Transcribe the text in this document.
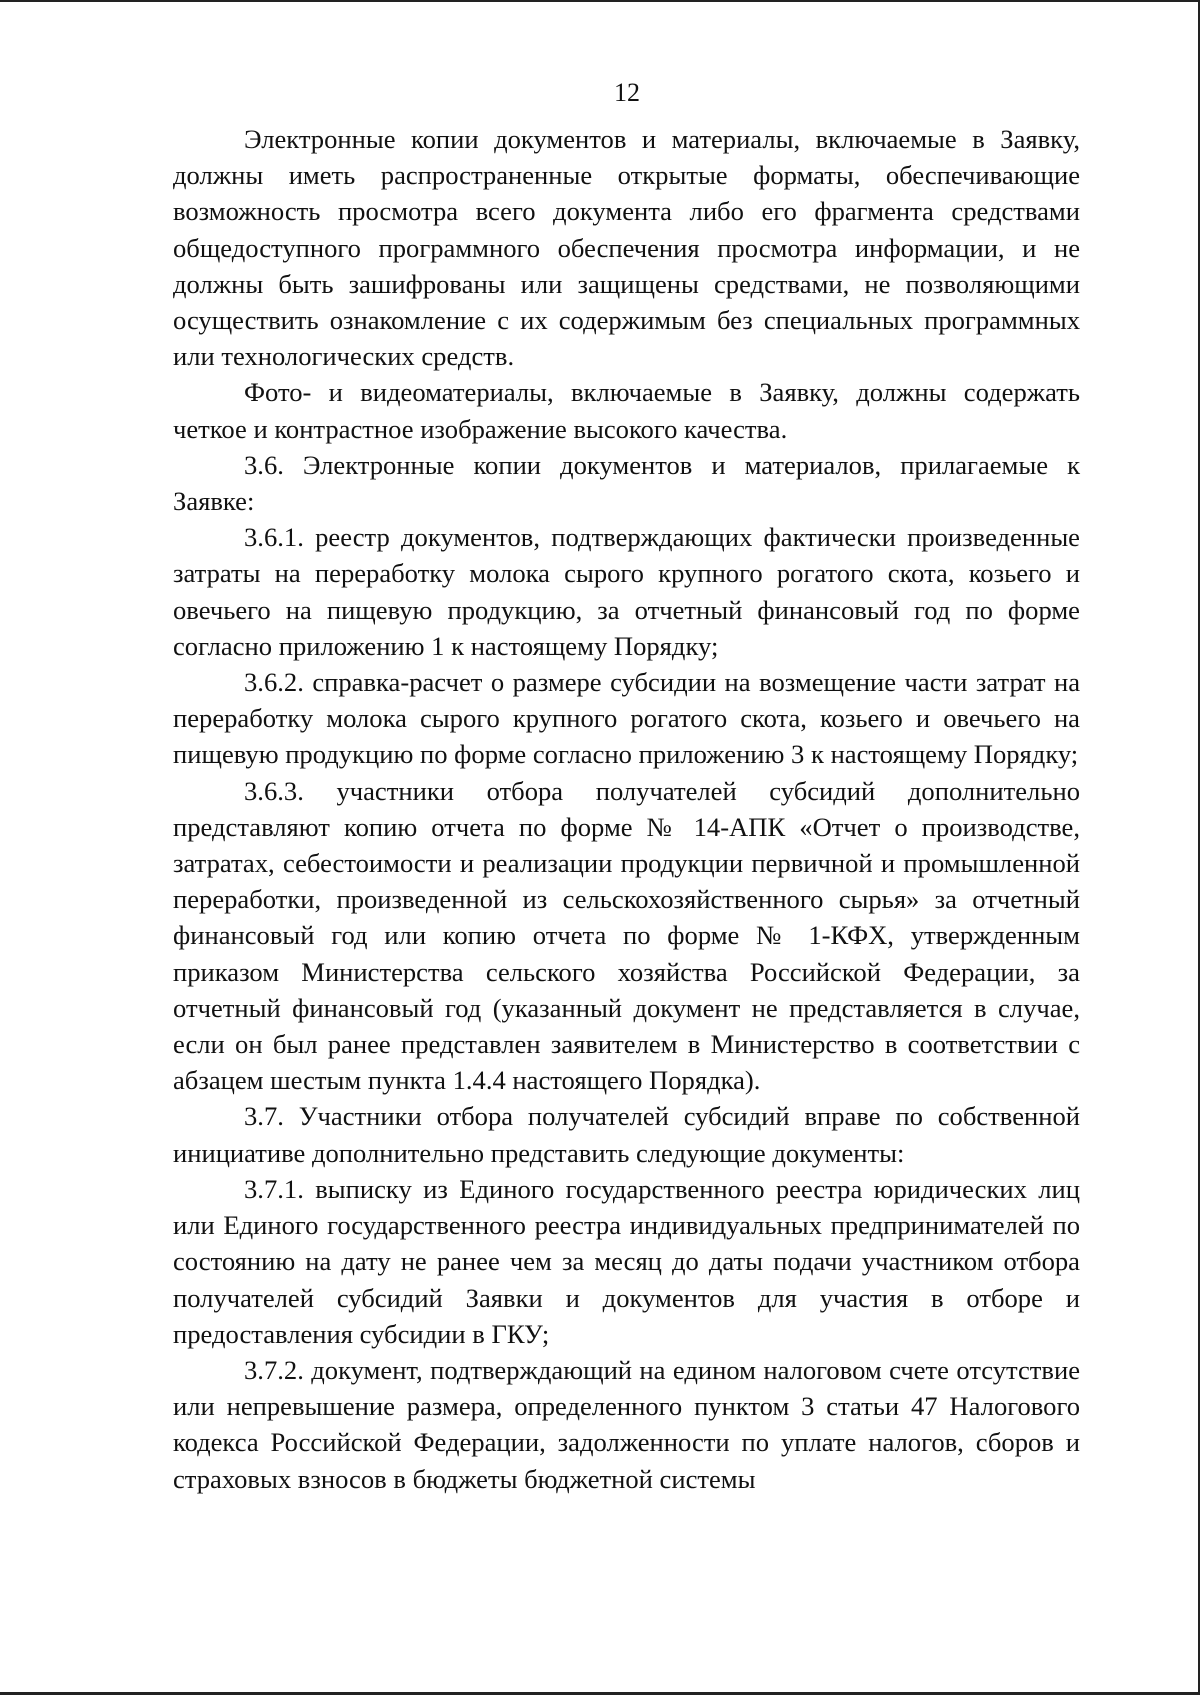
12

Электронные копии документов и материалы, включаемые в Заявку, должны иметь распространенные открытые форматы, обеспечивающие возможность просмотра всего документа либо его фрагмента средствами общедоступного программного обеспечения просмотра информации, и не должны быть зашифрованы или защищены средствами, не позволяющими осуществить ознакомление с их содержимым без специальных программных или технологических средств.

Фото- и видеоматериалы, включаемые в Заявку, должны содержать четкое и контрастное изображение высокого качества.

3.6. Электронные копии документов и материалов, прилагаемые к Заявке:

3.6.1. реестр документов, подтверждающих фактически произведенные затраты на переработку молока сырого крупного рогатого скота, козьего и овечьего на пищевую продукцию, за отчетный финансовый год по форме согласно приложению 1 к настоящему Порядку;

3.6.2. справка-расчет о размере субсидии на возмещение части затрат на переработку молока сырого крупного рогатого скота, козьего и овечьего на пищевую продукцию по форме согласно приложению 3 к настоящему Порядку;

3.6.3. участники отбора получателей субсидий дополнительно представляют копию отчета по форме № 14-АПК «Отчет о производстве, затратах, себестоимости и реализации продукции первичной и промышленной переработки, произведенной из сельскохозяйственного сырья» за отчетный финансовый год или копию отчета по форме № 1-КФХ, утвержденным приказом Министерства сельского хозяйства Российской Федерации, за отчетный финансовый год (указанный документ не представляется в случае, если он был ранее представлен заявителем в Министерство в соответствии с абзацем шестым пункта 1.4.4 настоящего Порядка).

3.7. Участники отбора получателей субсидий вправе по собственной инициативе дополнительно представить следующие документы:

3.7.1. выписку из Единого государственного реестра юридических лиц или Единого государственного реестра индивидуальных предпринимателей по состоянию на дату не ранее чем за месяц до даты подачи участником отбора получателей субсидий Заявки и документов для участия в отборе и предоставления субсидии в ГКУ;

3.7.2. документ, подтверждающий на едином налоговом счете отсутствие или непревышение размера, определенного пунктом 3 статьи 47 Налогового кодекса Российской Федерации, задолженности по уплате налогов, сборов и страховых взносов в бюджеты бюджетной системы
